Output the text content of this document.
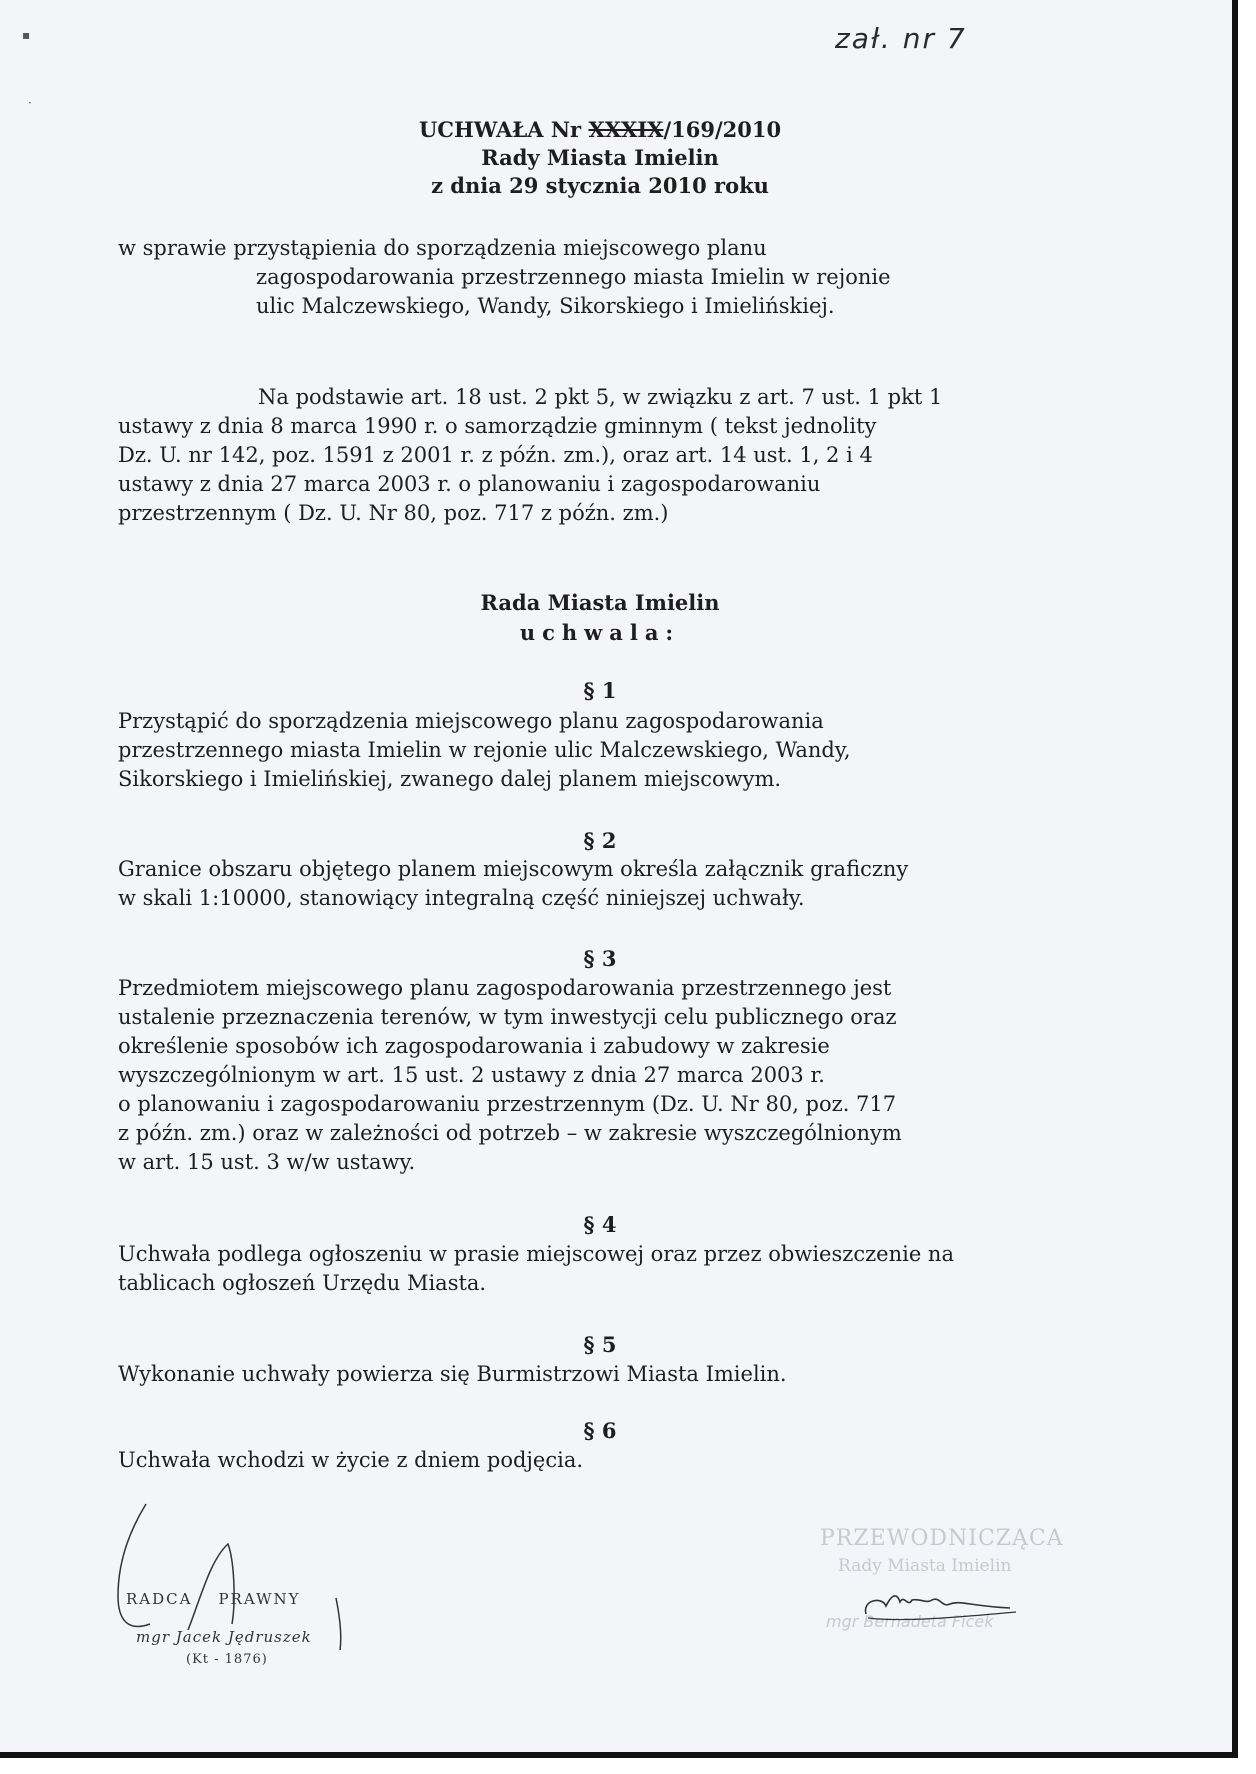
▪
·
zał. nr 7
UCHWAŁA Nr XXXIX/169/2010
Rady Miasta Imielin
z dnia 29 stycznia 2010 roku
w sprawie przystąpienia do sporządzenia miejscowego planu
zagospodarowania przestrzennego miasta Imielin w rejonie
ulic Malczewskiego, Wandy, Sikorskiego i Imielińskiej.
Na podstawie art. 18 ust. 2 pkt 5, w związku z art. 7 ust. 1 pkt 1
ustawy z dnia 8 marca 1990 r. o samorządzie gminnym ( tekst jednolity
Dz. U. nr 142, poz. 1591 z 2001 r. z późn. zm.), oraz art. 14 ust. 1, 2 i 4
ustawy z dnia 27 marca 2003 r. o planowaniu i zagospodarowaniu
przestrzennym ( Dz. U. Nr 80, poz. 717 z późn. zm.)
Rada Miasta Imielin
uchwala:
§ 1
Przystąpić do sporządzenia miejscowego planu zagospodarowania
przestrzennego miasta Imielin w rejonie ulic Malczewskiego, Wandy,
Sikorskiego i Imielińskiej, zwanego dalej planem miejscowym.
§ 2
Granice obszaru objętego planem miejscowym określa załącznik graficzny
w skali 1:10000, stanowiący integralną część niniejszej uchwały.
§ 3
Przedmiotem miejscowego planu zagospodarowania przestrzennego jest
ustalenie przeznaczenia terenów, w tym inwestycji celu publicznego oraz
określenie sposobów ich zagospodarowania i zabudowy w zakresie
wyszczególnionym w art. 15 ust. 2 ustawy z dnia 27 marca 2003 r.
o planowaniu i zagospodarowaniu przestrzennym (Dz. U. Nr 80, poz. 717
z późn. zm.) oraz w zależności od potrzeb – w zakresie wyszczególnionym
w art. 15 ust. 3 w/w ustawy.
§ 4
Uchwała podlega ogłoszeniu w prasie miejscowej oraz przez obwieszczenie na
tablicach ogłoszeń Urzędu Miasta.
§ 5
Wykonanie uchwały powierza się Burmistrzowi Miasta Imielin.
§ 6
Uchwała wchodzi w życie z dniem podjęcia.
RADCA PRAWNY
mgr Jacek Jędruszek
(Kt - 1876)
PRZEWODNICZĄCA
Rady Miasta Imielin
mgr Bernadeta Ficek
